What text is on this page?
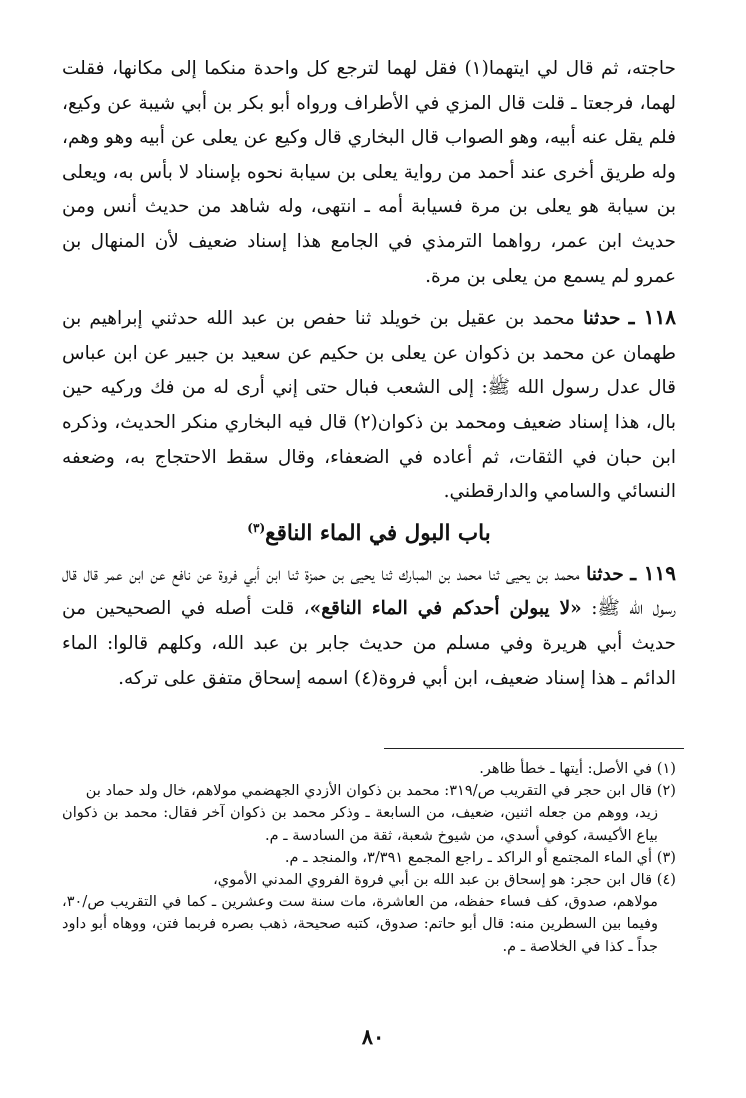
حاجته، ثم قال لي ايتهما(١) فقل لهما لترجع كل واحدة منكما إلى مكانها، فقلت لهما، فرجعتا ـ قلت قال المزي في الأطراف ورواه أبو بكر بن أبي شيبة عن وكيع، فلم يقل عنه أبيه، وهو الصواب قال البخاري قال وكيع عن يعلى عن أبيه وهو وهم، وله طريق أخرى عند أحمد من رواية يعلى بن سيابة نحوه بإسناد لا بأس به، ويعلى بن سيابة هو يعلى بن مرة فسيابة أمه ـ انتهى، وله شاهد من حديث أنس ومن حديث ابن عمر، رواهما الترمذي في الجامع هذا إسناد ضعيف لأن المنهال بن عمرو لم يسمع من يعلى بن مرة.

١١٨ ـ حدثنا محمد بن عقيل بن خويلد ثنا حفص بن عبد الله حدثني إبراهيم بن طهمان عن محمد بن ذكوان عن يعلى بن حكيم عن سعيد بن جبير عن ابن عباس قال عدل رسول الله ﷺ: إلى الشعب فبال حتى إني أرى له من فك وركيه حين بال، هذا إسناد ضعيف ومحمد بن ذكوان(٢) قال فيه البخاري منكر الحديث، وذكره ابن حبان في الثقات، ثم أعاده في الضعفاء، وقال سقط الاحتجاج به، وضعفه النسائي والسامي والدارقطني.

باب البول في الماء الناقع$^{(٣)}$

١١٩ ـ حدثنا محمد بن يحيى ثنا محمد بن المبارك ثنا يحيى بن حمزة ثنا ابن أبي فروة عن نافع عن ابن عمر قال قال رسول الله ﷺ: «لا يبولن أحدكم في الماء الناقع»، قلت أصله في الصحيحين من حديث أبي هريرة وفي مسلم من حديث جابر بن عبد الله، وكلهم قالوا: الماء الدائم ـ هذا إسناد ضعيف، ابن أبي فروة(٤) اسمه إسحاق متفق على تركه.

(١) في الأصل: أيتها ـ خطأ ظاهر.

(٢) قال ابن حجر في التقريب ص/٣١٩: محمد بن ذكوان الأزدي الجهضمي مولاهم، خال ولد حماد بن
زيد، ووهم من جعله اثنين، ضعيف، من السابعة ـ وذكر محمد بن ذكوان آخر فقال: محمد بن ذكوان بياع الأكيسة، كوفي أسدي، من شيوخ شعبة، ثقة من السادسة ـ م.

(٣) أي الماء المجتمع أو الراكد ـ راجع المجمع ٣/٣٩١، والمنجد ـ م.

(٤) قال ابن حجر: هو إسحاق بن عبد الله بن أبي فروة الفروي المدني الأموي،
مولاهم، صدوق، كف فساء حفظه، من العاشرة، مات سنة ست وعشرين ـ كما في التقريب ص/٣٠، وفيما بين السطرين منه: قال أبو حاتم: صدوق، كتبه صحيحة، ذهب بصره فربما فتن، ووهاه أبو داود جداً ـ كذا في الخلاصة ـ م.

٨٠
